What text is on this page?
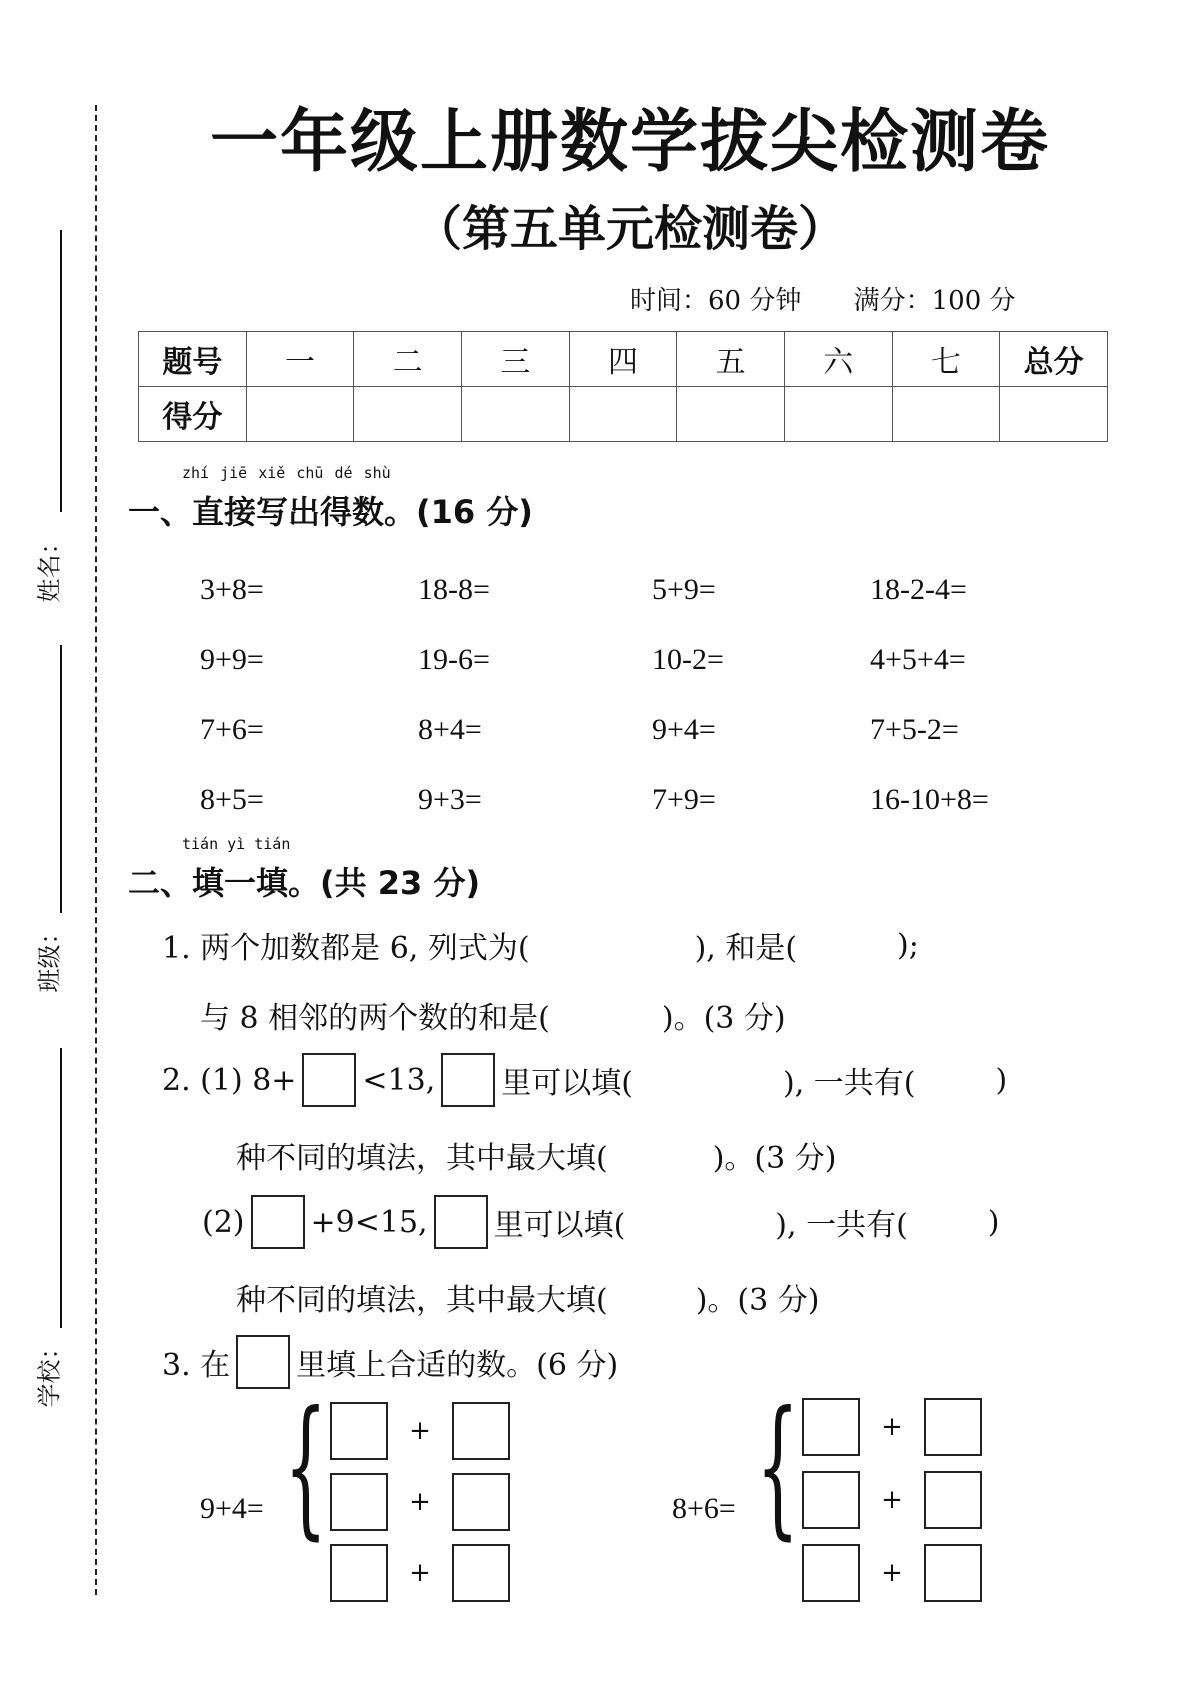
姓名：
班级：
学校：
一年级上册数学拔尖检测卷
（第五单元检测卷）
时间：60 分钟 满分：100 分
题号	一	二	三	四	五	六	七	总分
得分								
zhí jiē xiě chū dé shù
一、直接写出得数。(16 分)
3+8=	18-8=	5+9=	18-2-4=
9+9=	19-6=	10-2=	4+5+4=
7+6=	8+4=	9+4=	7+5-2=
8+5=	9+3=	7+9=	16-10+8=
tián yì tián
二、填一填。(共 23 分)
1. 两个加数都是 6, 列式为(	), 和是(	);
与 8 相邻的两个数的和是(	)。(3 分)
2. (1) 8+ <13, 里可以填(	), 一共有(	)
种不同的填法，其中最大填(	)。(3 分)
(2) +9<15, 里可以填(	), 一共有(	)
种不同的填法，其中最大填(	)。(3 分)
3. 在 里填上合适的数。(6 分)
9+4= {	+
+
+
8+6= {	+
+
+
